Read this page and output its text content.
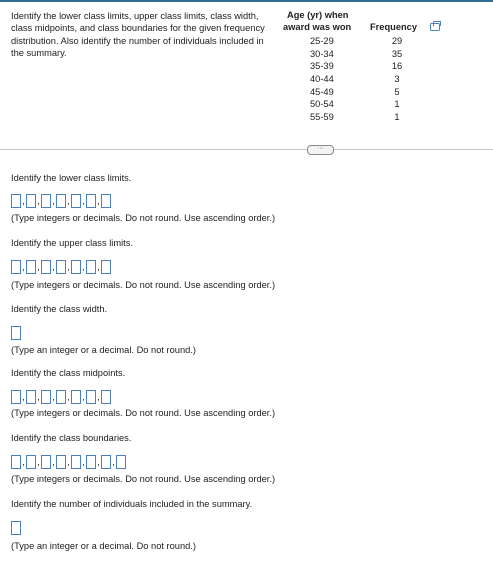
Identify the lower class limits, upper class limits, class width, class midpoints, and class boundaries for the given frequency distribution. Also identify the number of individuals included in the summary.
Age (yr) when
award was won Frequency
25-29	29
30-34	35
35-39	16
40-44	3
45-49	5
50-54	1
55-59	1
···
Identify the lower class limits.
, , , , , ,
(Type integers or decimals. Do not round. Use ascending order.)
Identify the upper class limits.
, , , , , ,
(Type integers or decimals. Do not round. Use ascending order.)
Identify the class width.
(Type an integer or a decimal. Do not round.)
Identify the class midpoints.
, , , , , ,
(Type integers or decimals. Do not round. Use ascending order.)
Identify the class boundaries.
, , , , , , ,
(Type integers or decimals. Do not round. Use ascending order.)
Identify the number of individuals included in the summary.
(Type an integer or a decimal. Do not round.)
